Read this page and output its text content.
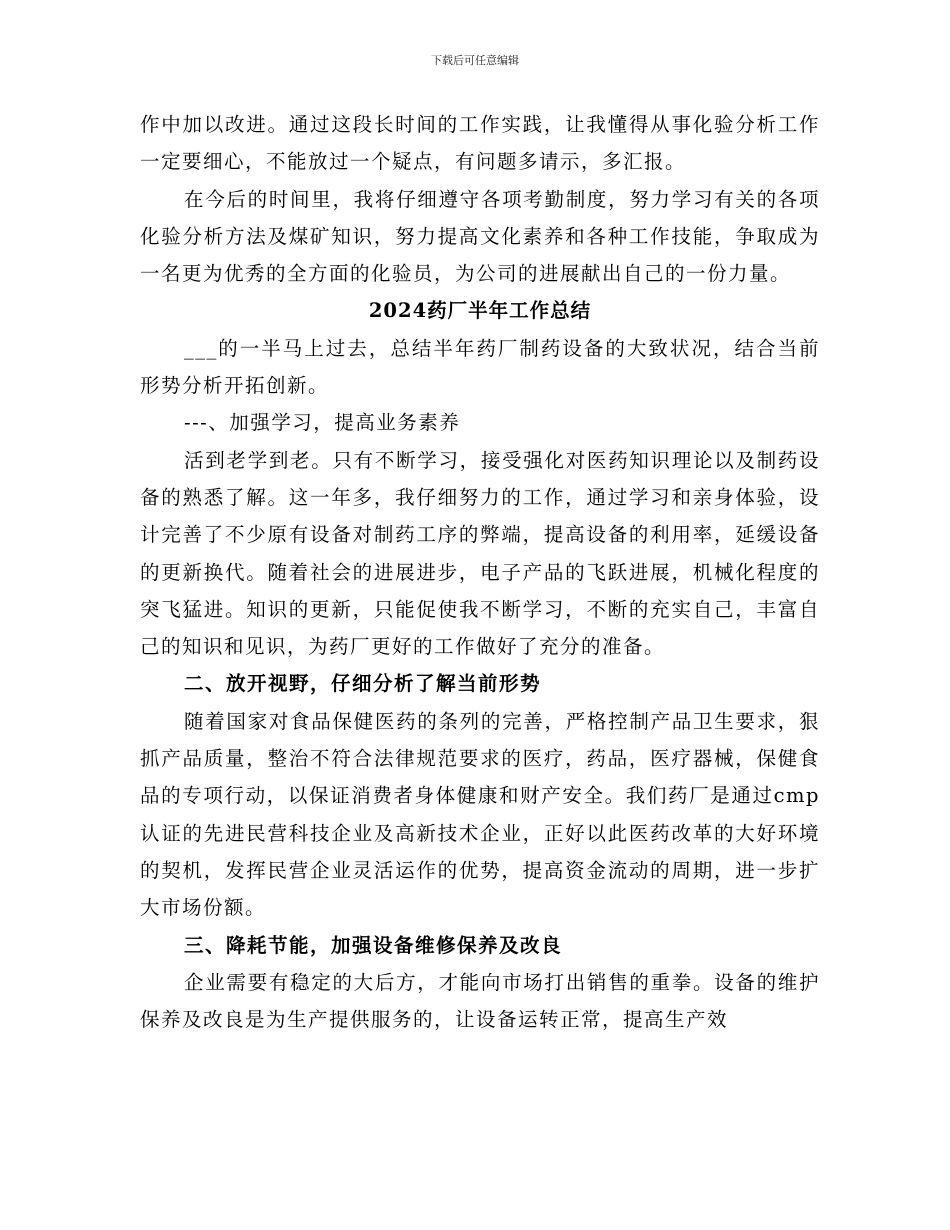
下载后可任意编辑

作中加以改进。通过这段长时间的工作实践，让我懂得从事化验分析工作一定要细心，不能放过一个疑点，有问题多请示，多汇报。

在今后的时间里，我将仔细遵守各项考勤制度，努力学习有关的各项化验分析方法及煤矿知识，努力提高文化素养和各种工作技能，争取成为一名更为优秀的全方面的化验员，为公司的进展献出自己的一份力量。

2024药厂半年工作总结

___的一半马上过去，总结半年药厂制药设备的大致状况，结合当前形势分析开拓创新。

---、加强学习，提高业务素养

活到老学到老。只有不断学习，接受强化对医药知识理论以及制药设备的熟悉了解。这一年多，我仔细努力的工作，通过学习和亲身体验，设计完善了不少原有设备对制药工序的弊端，提高设备的利用率，延缓设备的更新换代。随着社会的进展进步，电子产品的飞跃进展，机械化程度的突飞猛进。知识的更新，只能促使我不断学习，不断的充实自己，丰富自己的知识和见识，为药厂更好的工作做好了充分的准备。

二、放开视野，仔细分析了解当前形势

随着国家对食品保健医药的条列的完善，严格控制产品卫生要求，狠抓产品质量，整治不符合法律规范要求的医疗，药品，医疗器械，保健食品的专项行动，以保证消费者身体健康和财产安全。我们药厂是通过cmp认证的先进民营科技企业及高新技术企业，正好以此医药改革的大好环境的契机，发挥民营企业灵活运作的优势，提高资金流动的周期，进一步扩大市场份额。

三、降耗节能，加强设备维修保养及改良

企业需要有稳定的大后方，才能向市场打出销售的重拳。设备的维护保养及改良是为生产提供服务的，让设备运转正常，提高生产效
